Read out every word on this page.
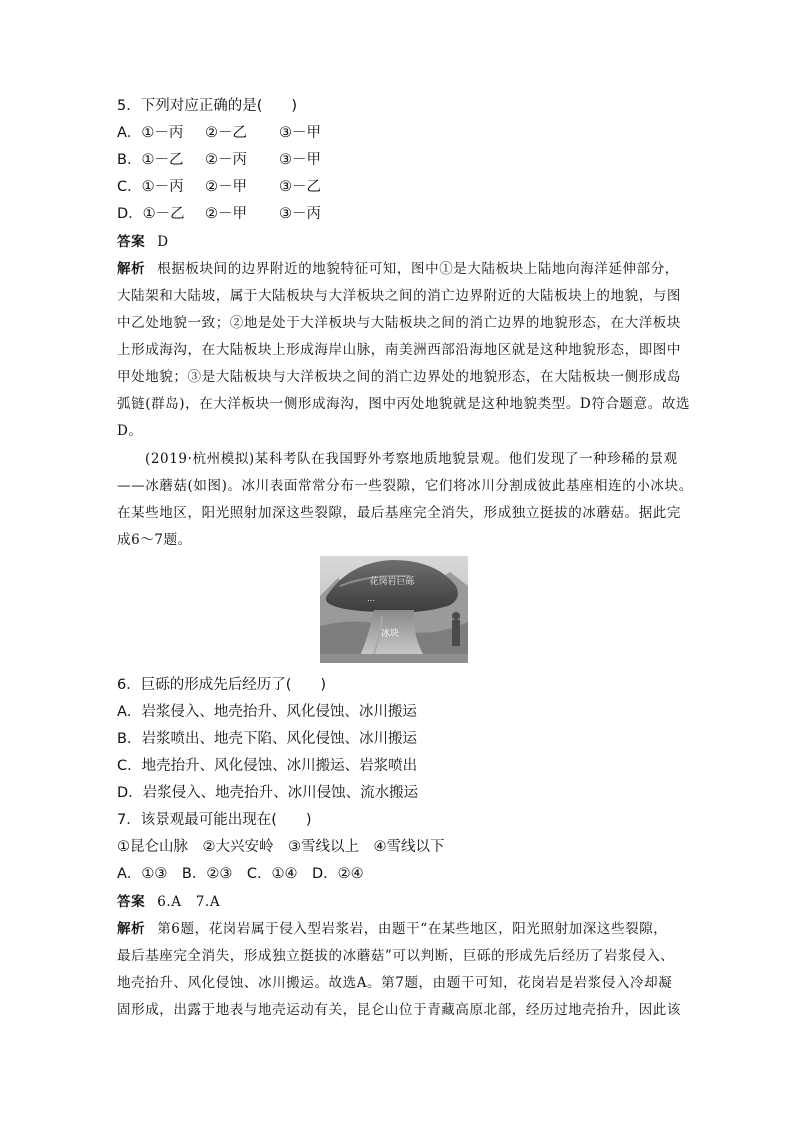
5．下列对应正确的是(　　)
A．①－丙 ②－乙 ③－甲
B．①－乙 ②－丙 ③－甲
C．①－丙 ②－甲 ③－乙
D．①－乙 ②－甲 ③－丙
答案 D
解析 根据板块间的边界附近的地貌特征可知，图中①是大陆板块上陆地向海洋延伸部分，
大陆架和大陆坡，属于大陆板块与大洋板块之间的消亡边界附近的大陆板块上的地貌，与图
中乙处地貌一致；②地是处于大洋板块与大陆板块之间的消亡边界的地貌形态，在大洋板块
上形成海沟，在大陆板块上形成海岸山脉，南美洲西部沿海地区就是这种地貌形态，即图中
甲处地貌；③是大陆板块与大洋板块之间的消亡边界处的地貌形态，在大陆板块一侧形成岛
弧链(群岛)，在大洋板块一侧形成海沟，图中丙处地貌就是这种地貌类型。D符合题意。故选
D。
(2019·杭州模拟)某科考队在我国野外考察地质地貌景观。他们发现了一种珍稀的景观
——冰蘑菇(如图)。冰川表面常常分布一些裂隙，它们将冰川分割成彼此基座相连的小冰块。
在某些地区，阳光照射加深这些裂隙，最后基座完全消失，形成独立挺拔的冰蘑菇。据此完
成6～7题。
花岗岩巨砾
…
冰块
6．巨砾的形成先后经历了(　　)
A．岩浆侵入、地壳抬升、风化侵蚀、冰川搬运
B．岩浆喷出、地壳下陷、风化侵蚀、冰川搬运
C．地壳抬升、风化侵蚀、冰川搬运、岩浆喷出
D．岩浆侵入、地壳抬升、冰川侵蚀、流水搬运
7．该景观最可能出现在(　　)
①昆仑山脉　②大兴安岭　③雪线以上　④雪线以下
A．①③　B．②③　C．①④　D．②④
答案 6.A　7.A
解析 第6题，花岗岩属于侵入型岩浆岩，由题干“在某些地区，阳光照射加深这些裂隙，
最后基座完全消失，形成独立挺拔的冰蘑菇”可以判断，巨砾的形成先后经历了岩浆侵入、
地壳抬升、风化侵蚀、冰川搬运。故选A。第7题，由题干可知，花岗岩是岩浆侵入冷却凝
固形成，出露于地表与地壳运动有关，昆仑山位于青藏高原北部，经历过地壳抬升，因此该
